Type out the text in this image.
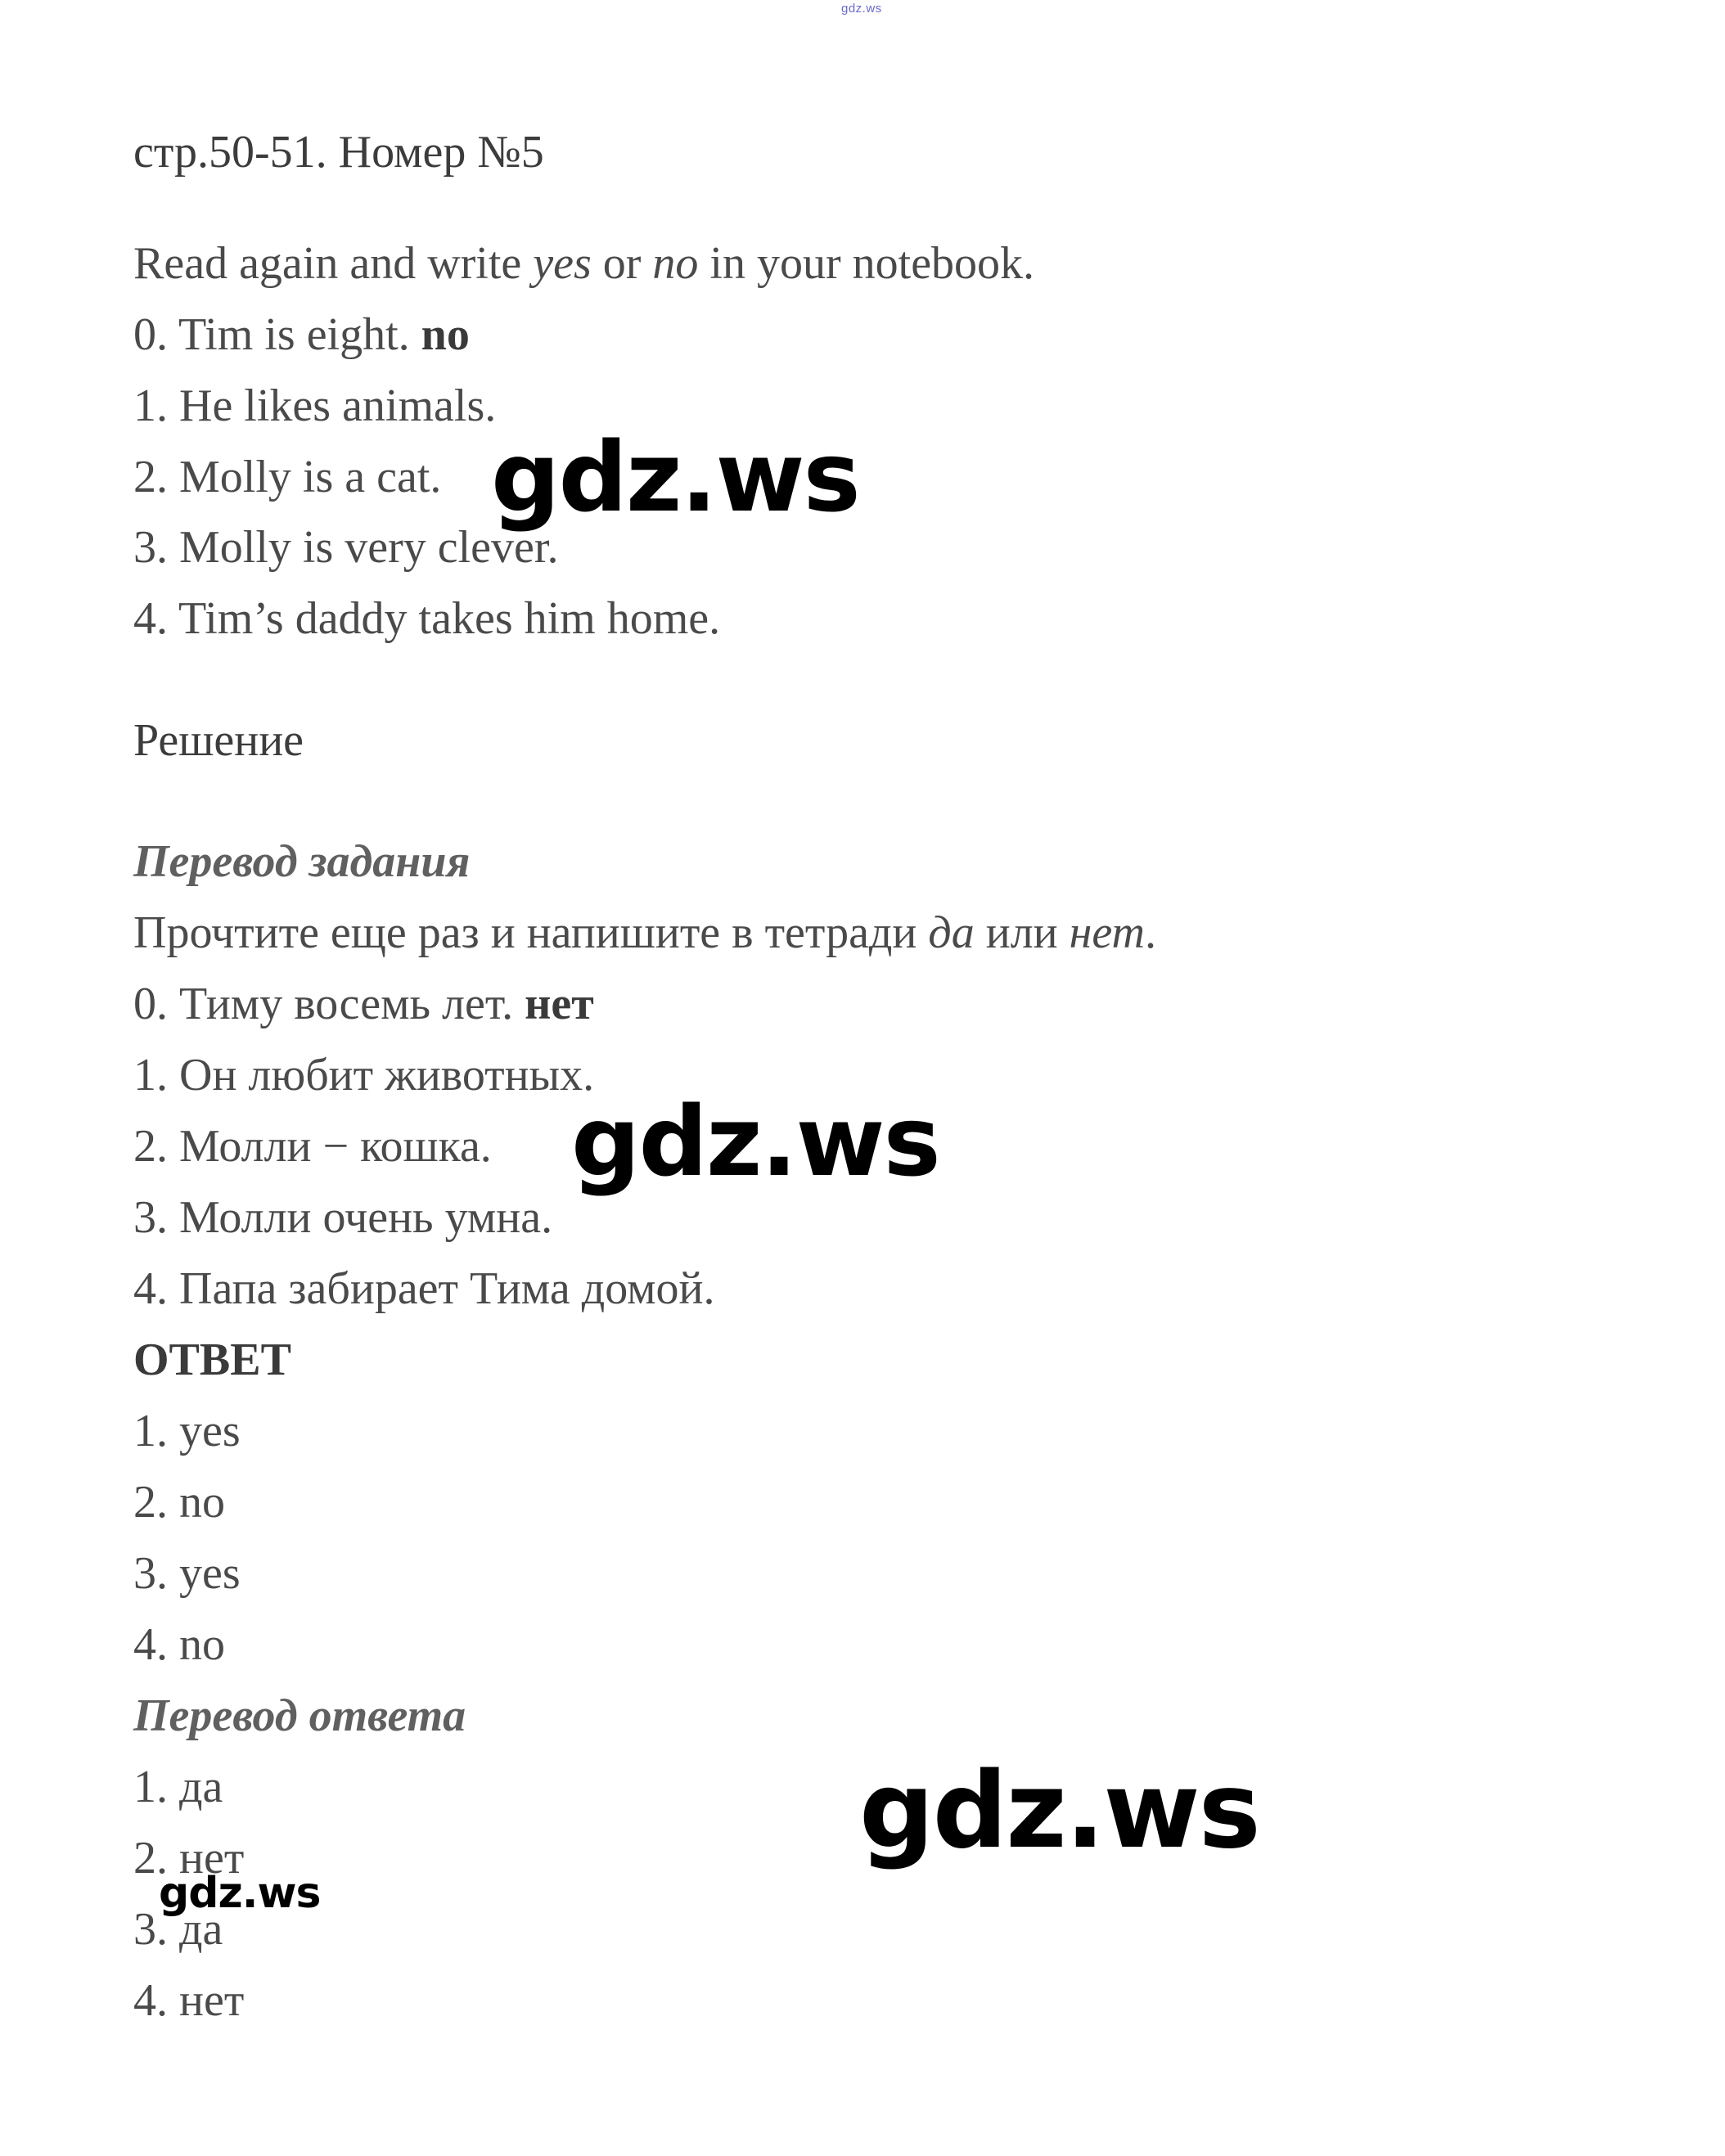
gdz.ws
стр.50-51. Номер №5
Read again and write yes or no in your notebook.
0. Tim is eight. no
1. He likes animals.
2. Molly is a cat.
3. Molly is very clever.
4. Tim’s daddy takes him home.
Решение
Перевод задания
Прочтите еще раз и напишите в тетради да или нет.
0. Тиму восемь лет. нет
1. Он любит животных.
2. Молли − кошка.
3. Молли очень умна.
4. Папа забирает Тима домой.
ОТВЕТ
1. yes
2. no
3. yes
4. no
Перевод ответа
1. да
2. нет
3. да
4. нет
gdz.ws
gdz.ws
gdz.ws
gdz.ws
